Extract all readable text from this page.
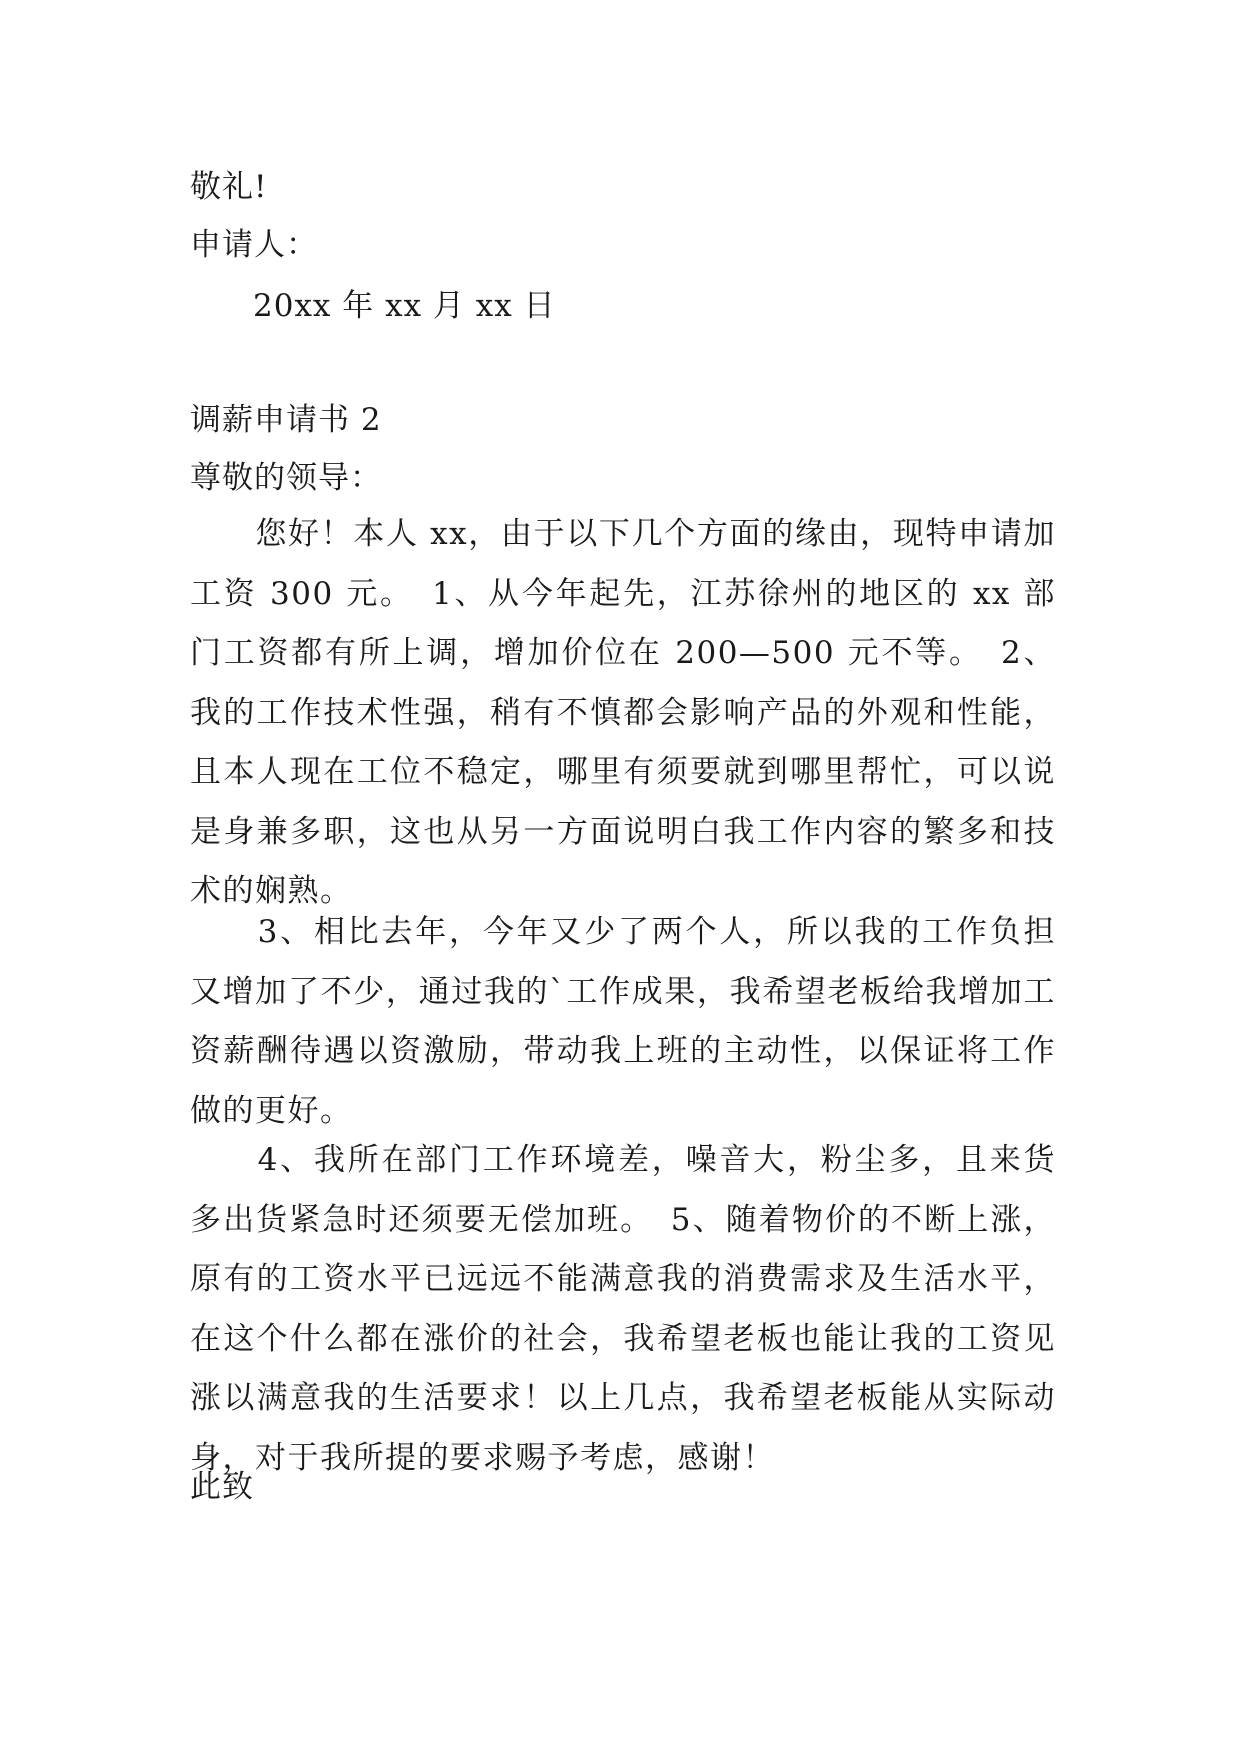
敬礼!
申请人：
20xx 年 xx 月 xx 日
调薪申请书 2
尊敬的领导：
　　您好！本人 xx，由于以下几个方面的缘由，现特申请加工资 300 元。　1、从今年起先，江苏徐州的地区的 xx 部门工资都有所上调，增加价位在 200—500 元不等。　2、我的工作技术性强，稍有不慎都会影响产品的外观和性能，且本人现在工位不稳定，哪里有须要就到哪里帮忙，可以说是身兼多职，这也从另一方面说明白我工作内容的繁多和技术的娴熟。
　　3、相比去年，今年又少了两个人，所以我的工作负担又增加了不少，通过我的`工作成果，我希望老板给我增加工资薪酬待遇以资激励，带动我上班的主动性，以保证将工作做的更好。
　　4、我所在部门工作环境差，噪音大，粉尘多，且来货多出货紧急时还须要无偿加班。　5、随着物价的不断上涨，原有的工资水平已远远不能满意我的消费需求及生活水平，在这个什么都在涨价的社会，我希望老板也能让我的工资见涨以满意我的生活要求！以上几点，我希望老板能从实际动身，对于我所提的要求赐予考虑，感谢！
此致
